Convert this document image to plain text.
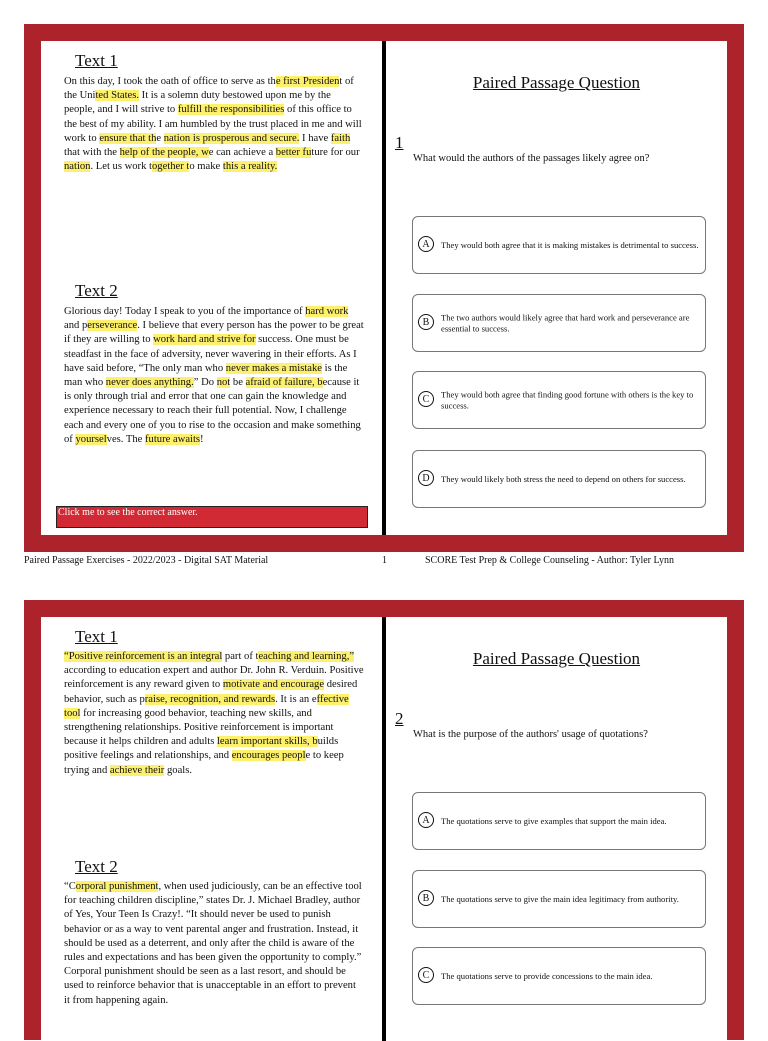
Text 1

On this day, I took the oath of office to serve as the first President of the United States. It is a solemn duty bestowed upon me by the people, and I will strive to fulfill the responsibilities of this office to the best of my ability. I am humbled by the trust placed in me and will work to ensure that the nation is prosperous and secure. I have faith that with the help of the people, we can achieve a better future for our nation. Let us work together to make this a reality.

Text 2

Glorious day! Today I speak to you of the importance of hard work and perseverance. I believe that every person has the power to be great if they are willing to work hard and strive for success. One must be steadfast in the face of adversity, never wavering in their efforts. As I have said before, “The only man who never makes a mistake is the man who never does anything.” Do not be afraid of failure, because it is only through trial and error that one can gain the knowledge and experience necessary to reach their full potential. Now, I challenge each and every one of you to rise to the occasion and make something of yourselves. The future awaits!

Click me to see the correct answer.
Paired Passage Question
1
What would the authors of the passages likely agree on?
A	They would both agree that it is making mistakes is detrimental to success.
B	The two authors would likely agree that hard work and perseverance are essential to success.
C	They would both agree that finding good fortune with others is the key to success.
D	They would likely both stress the need to depend on others for success.
Paired Passage Exercises - 2022/2023 - Digital SAT Material	1	SCORE Test Prep & College Counseling - Author: Tyler Lynn
Text 1

“Positive reinforcement is an integral part of teaching and learning,” according to education expert and author Dr. John R. Verduin. Positive reinforcement is any reward given to motivate and encourage desired behavior, such as praise, recognition, and rewards. It is an effective tool for increasing good behavior, teaching new skills, and strengthening relationships. Positive reinforcement is important because it helps children and adults learn important skills, builds positive feelings and relationships, and encourages people to keep trying and achieve their goals.

Text 2

“Corporal punishment, when used judiciously, can be an effective tool for teaching children discipline,” states Dr. J. Michael Bradley, author of Yes, Your Teen Is Crazy!. “It should never be used to punish behavior or as a way to vent parental anger and frustration. Instead, it should be used as a deterrent, and only after the child is aware of the rules and expectations and has been given the opportunity to comply.” Corporal punishment should be seen as a last resort, and should be used to reinforce behavior that is unacceptable in an effort to prevent it from happening again.

Paired Passage Question
2
What is the purpose of the authors' usage of quotations?
A	The quotations serve to give examples that support the main idea.
B	The quotations serve to give the main idea legitimacy from authority.
C	The quotations serve to provide concessions to the main idea.
